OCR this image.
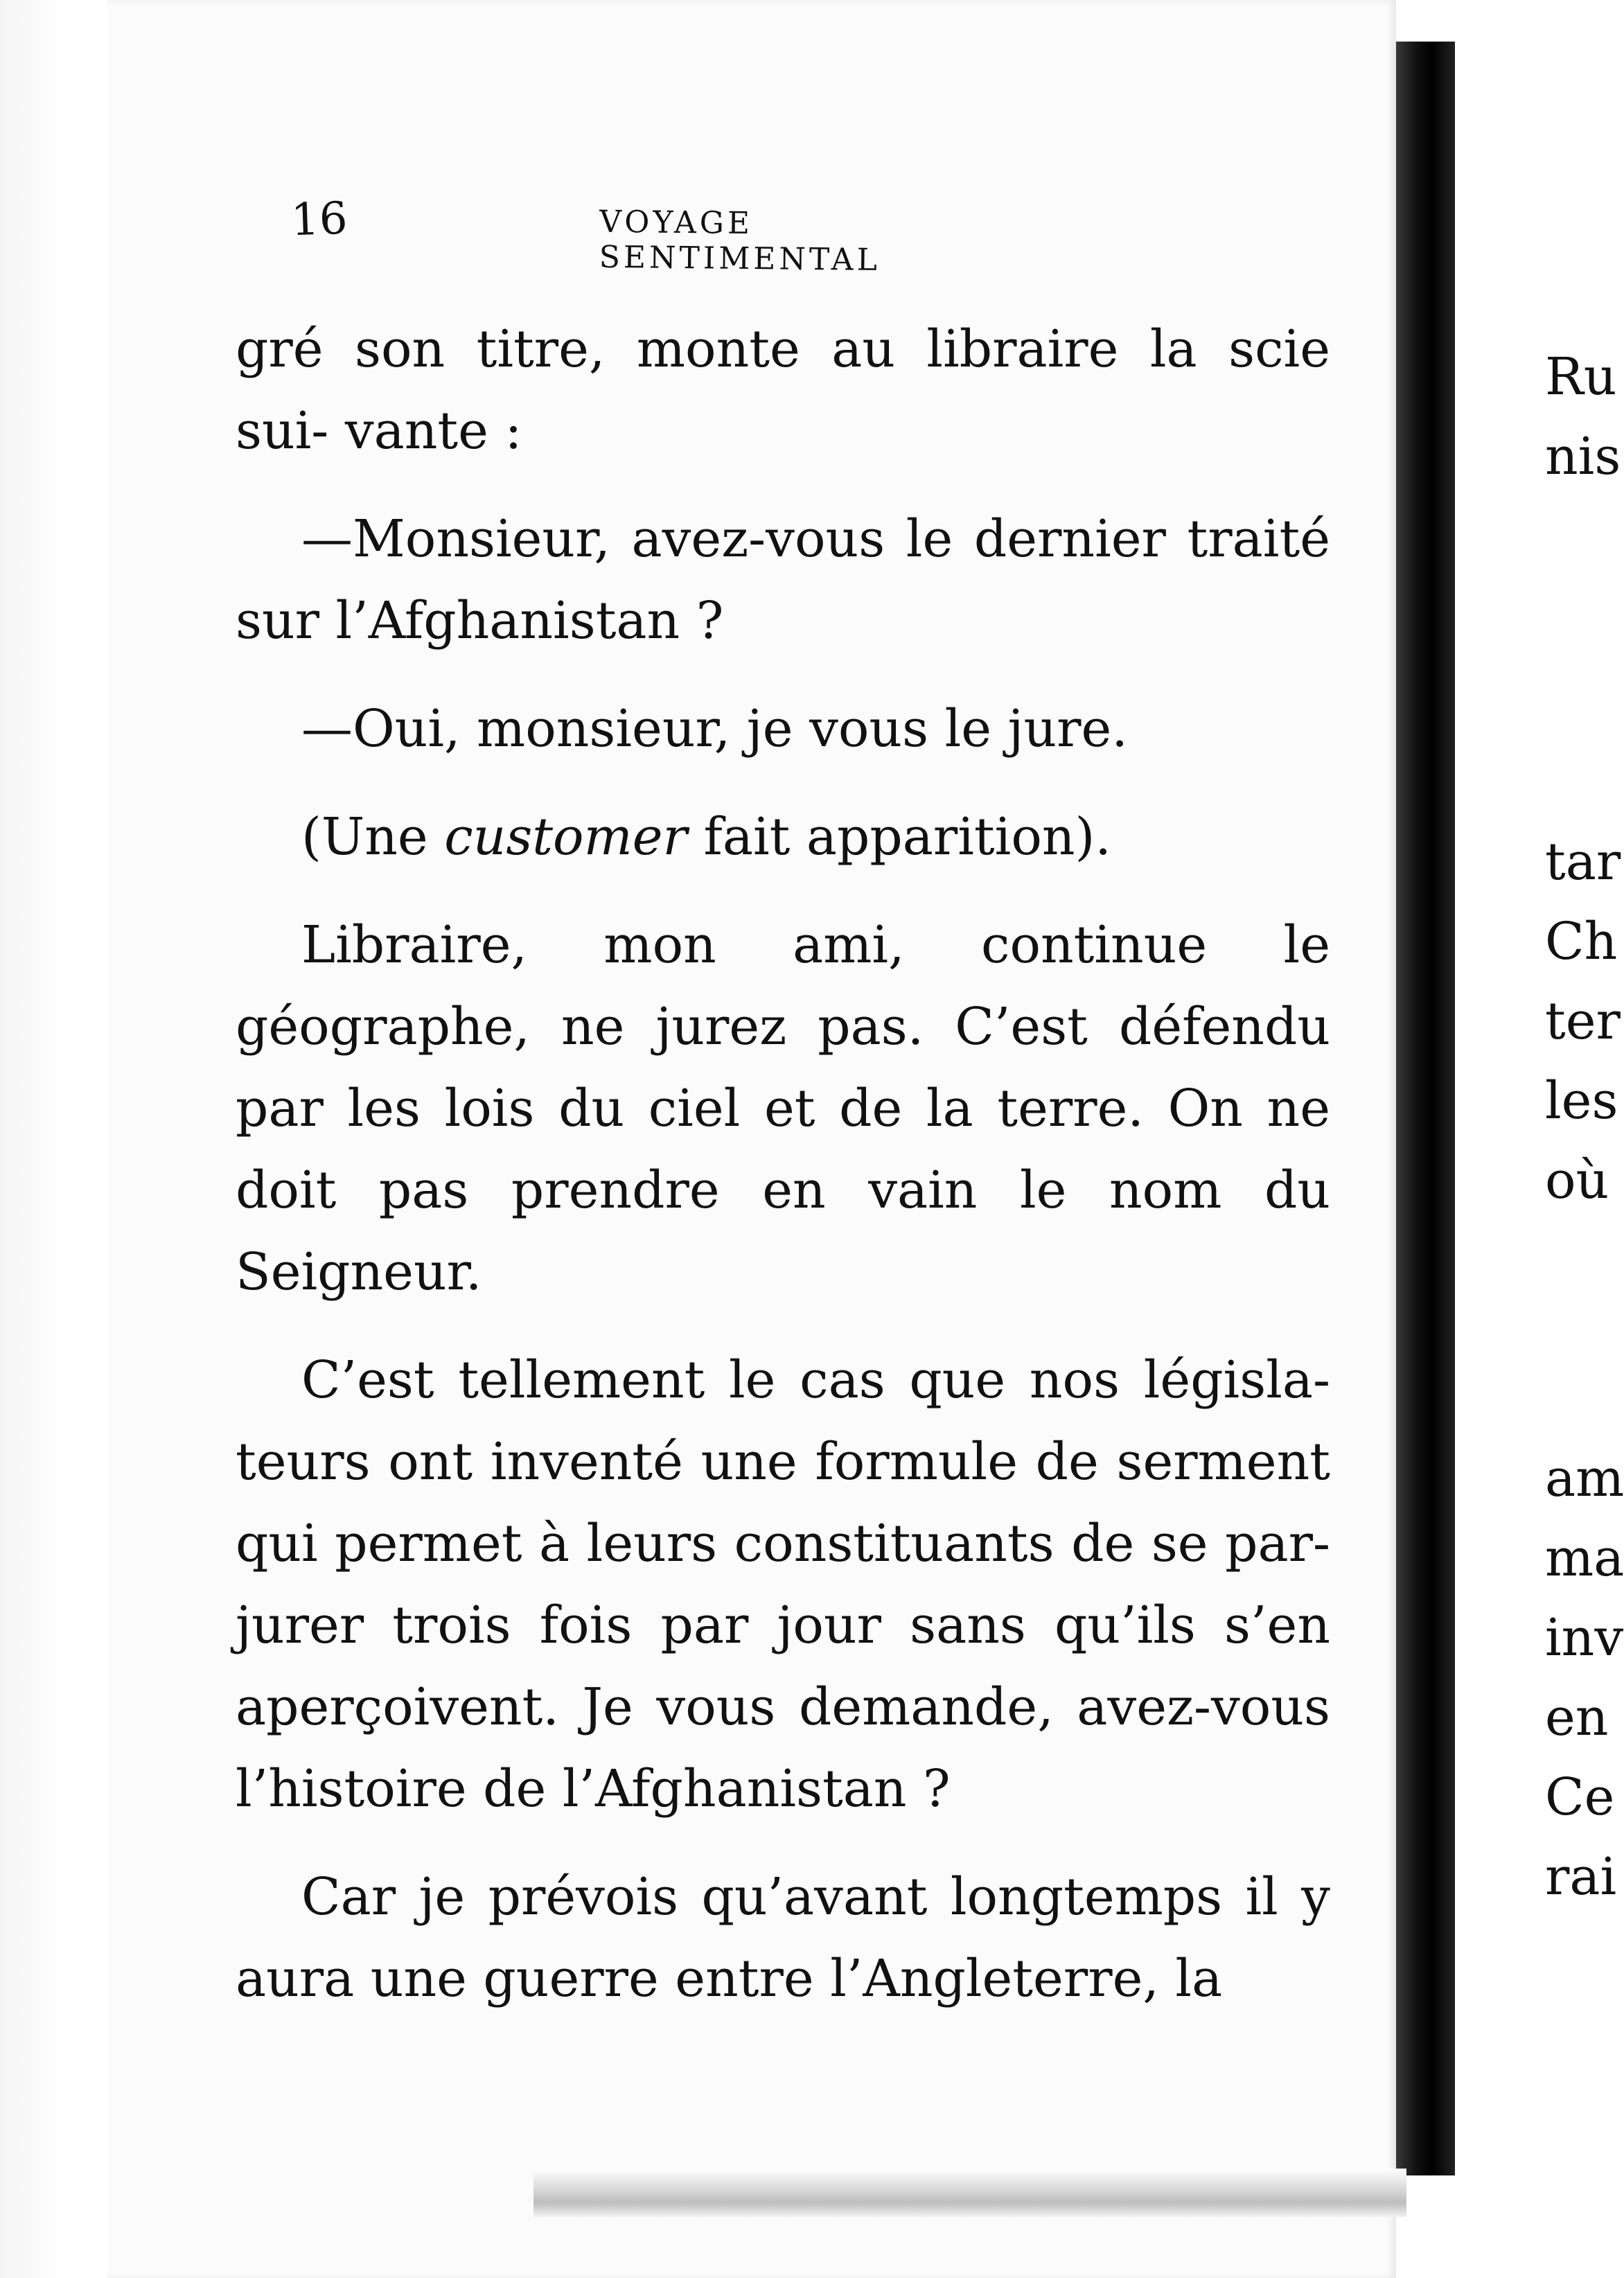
16	VOYAGE SENTIMENTAL

gré son titre, monte au libraire la scie sui- vante :

—Monsieur, avez-vous le dernier traité sur l’Afghanistan ?

—Oui, monsieur, je vous le jure.

(Une customer fait apparition).

Libraire, mon ami, continue le géographe, ne jurez pas. C’est défendu par les lois du ciel et de la terre. On ne doit pas prendre en vain le nom du Seigneur.

C’est tellement le cas que nos législa- teurs ont inventé une formule de serment qui permet à leurs constituants de se par- jurer trois fois par jour sans qu’ils s’en aperçoivent. Je vous demande, avez-vous l’histoire de l’Afghanistan ?

Car je prévois qu’avant longtemps il y aura une guerre entre l’Angleterre, la

Ru
nis
tar
Ch
ter
les
où
am
ma
inv
en
Ce
rai
